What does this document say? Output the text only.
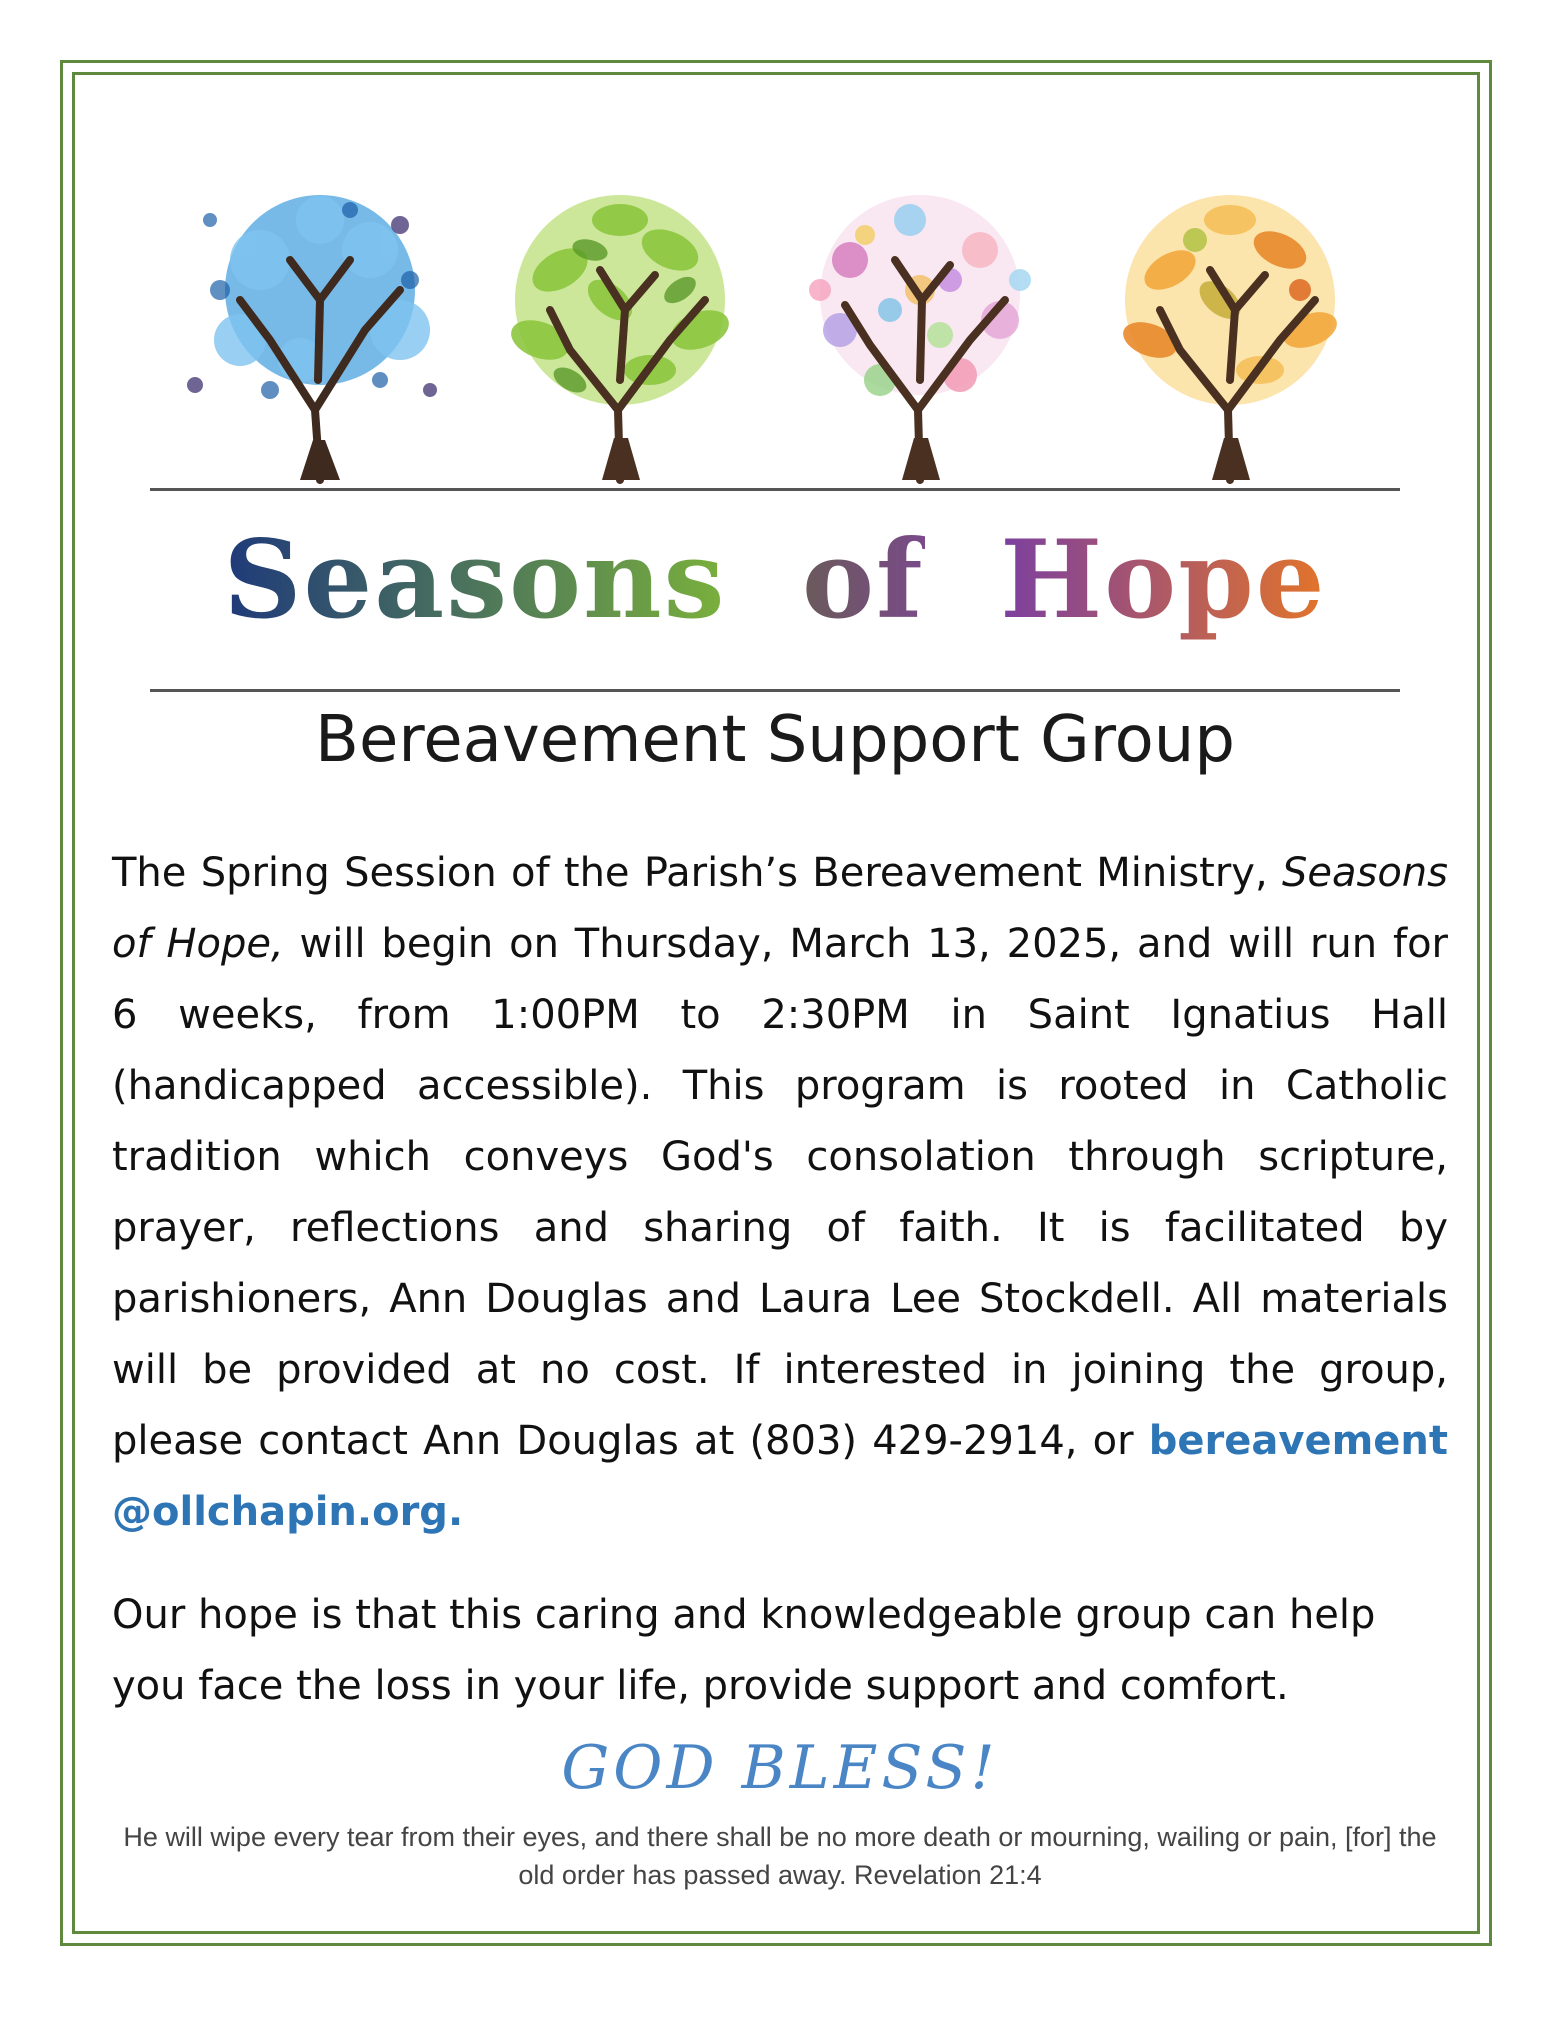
Seasons of Hope
Bereavement Support Group
The Spring Session of the Parish’s Bereavement Ministry, Seasons of Hope, will begin on Thursday, March 13, 2025, and will run for 6 weeks, from 1:00PM to 2:30PM in Saint Ignatius Hall (handicapped accessible). This program is rooted in Catholic tradition which conveys God's consolation through scripture, prayer, reflections and sharing of faith. It is facilitated by parishioners, Ann Douglas and Laura Lee Stockdell. All materials will be provided at no cost. If interested in joining the group, please contact Ann Douglas at (803) 429-2914, or bereavement @ollchapin.org.
Our hope is that this caring and knowledgeable group can help you face the loss in your life, provide support and comfort.
GOD BLESS!
He will wipe every tear from their eyes, and there shall be no more death or mourning, wailing or pain, [for] the old order has passed away. Revelation 21:4
